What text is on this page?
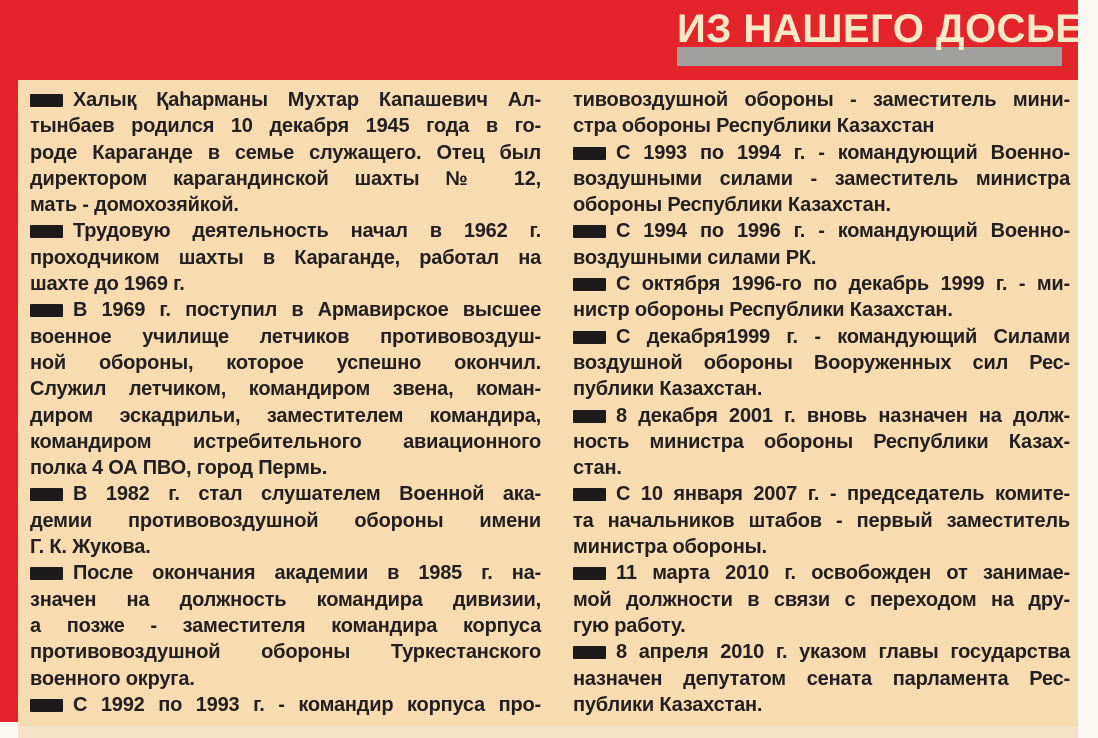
ИЗ НАШЕГО ДОСЬЕ

Халық Қаһарманы Мухтар Капашевич Ал-
тынбаев родился 10 декабря 1945 года в го-
роде Караганде в семье служащего. Отец был
директором карагандинской шахты № 12,
мать - домохозяйкой.

Трудовую деятельность начал в 1962 г.
проходчиком шахты в Караганде, работал на
шахте до 1969 г.

В 1969 г. поступил в Армавирское высшее
военное училище летчиков противовоздуш-
ной обороны, которое успешно окончил.
Служил летчиком, командиром звена, коман-
диром эскадрильи, заместителем командира,
командиром истребительного авиационного
полка 4 ОА ПВО, город Пермь.

В 1982 г. стал слушателем Военной ака-
демии противовоздушной обороны имени
Г. К. Жукова.

После окончания академии в 1985 г. на-
значен на должность командира дивизии,
а позже - заместителя командира корпуса
противовоздушной обороны Туркестанского
военного округа.

С 1992 по 1993 г. - командир корпуса про-

тивовоздушной обороны - заместитель мини-
стра обороны Республики Казахстан

С 1993 по 1994 г. - командующий Военно-
воздушными силами - заместитель министра
обороны Республики Казахстан.

С 1994 по 1996 г. - командующий Военно-
воздушными силами РК.

С октября 1996-го по декабрь 1999 г. - ми-
нистр обороны Республики Казахстан.

С декабря1999 г. - командующий Силами
воздушной обороны Вооруженных сил Рес-
публики Казахстан.

8 декабря 2001 г. вновь назначен на долж-
ность министра обороны Республики Казах-
стан.

С 10 января 2007 г. - председатель комите-
та начальников штабов - первый заместитель
министра обороны.

11 марта 2010 г. освобожден от занимае-
мой должности в связи с переходом на дру-
гую работу.

8 апреля 2010 г. указом главы государства
назначен депутатом сената парламента Рес-
публики Казахстан.
